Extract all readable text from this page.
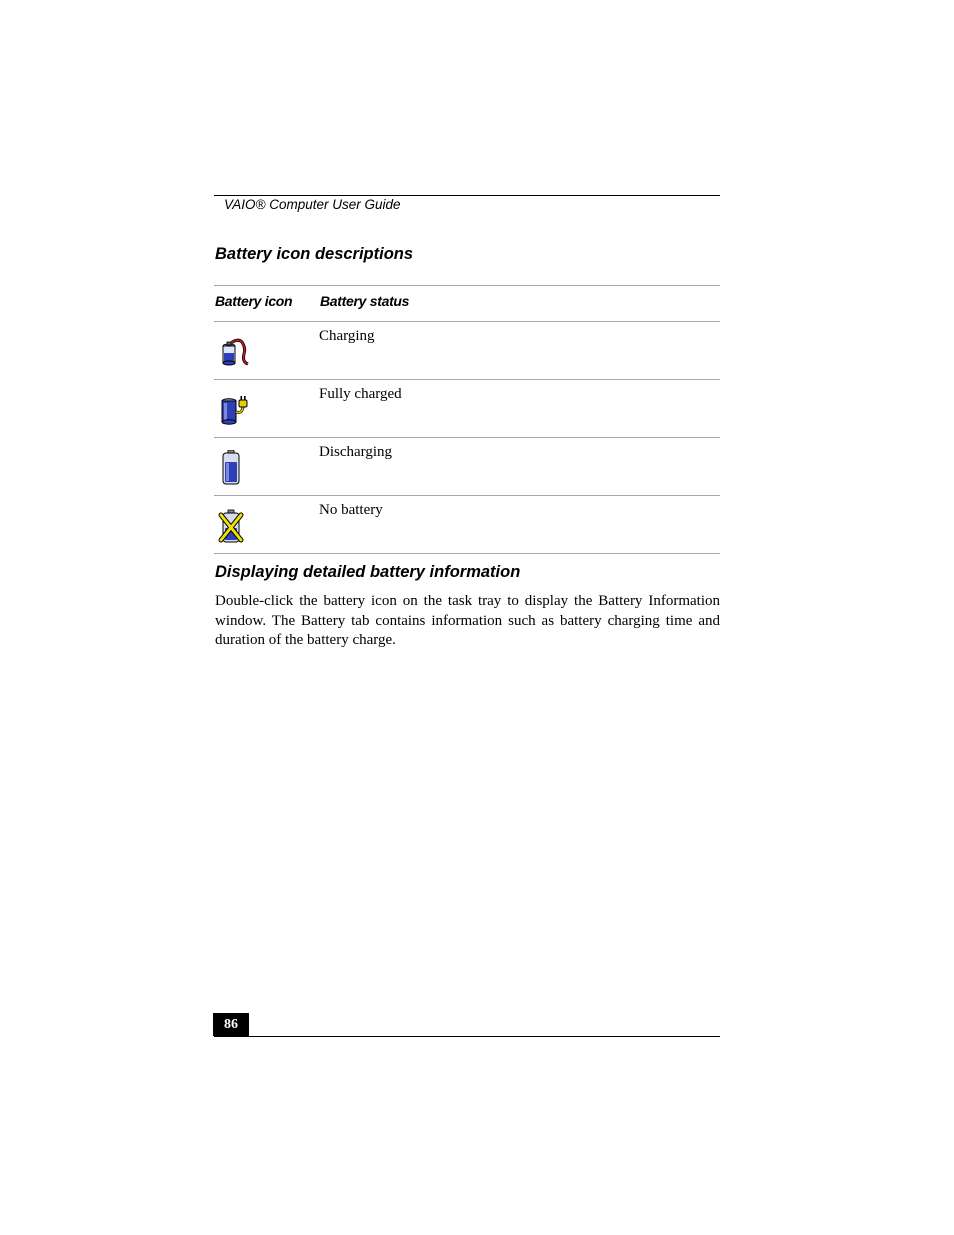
VAIO® Computer User Guide
Battery icon descriptions
Battery icon Battery status
Charging
Fully charged
Discharging
No battery
Displaying detailed battery information

Double-click the battery icon on the task tray to display the Battery Information window. The Battery tab contains information such as battery charging time and duration of the battery charge.

86
